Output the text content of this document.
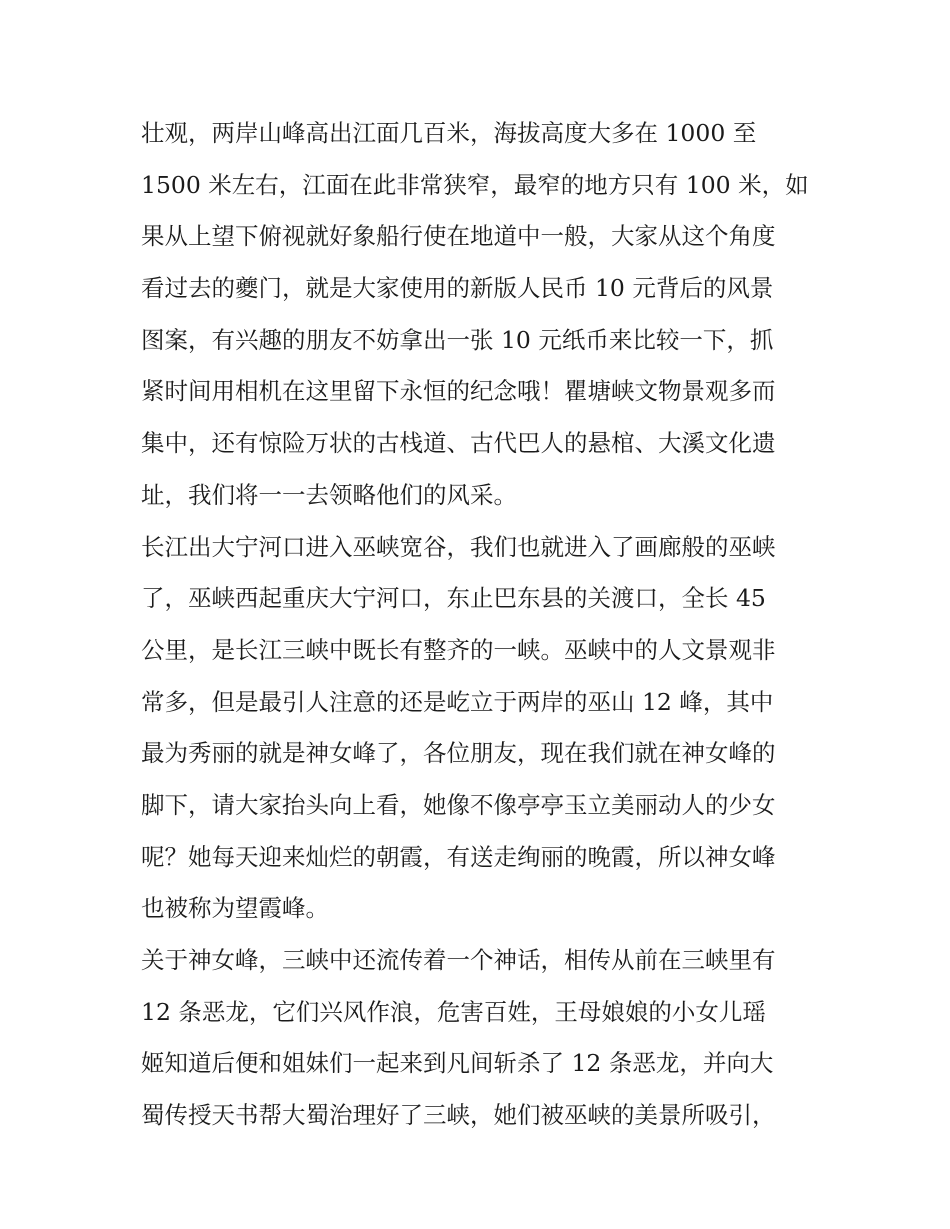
壮观，两岸山峰高出江面几百米，海拔高度大多在 1000 至
1500 米左右，江面在此非常狭窄，最窄的地方只有 100 米，如
果从上望下俯视就好象船行使在地道中一般，大家从这个角度
看过去的夔门，就是大家使用的新版人民币 10 元背后的风景
图案，有兴趣的朋友不妨拿出一张 10 元纸币来比较一下，抓
紧时间用相机在这里留下永恒的纪念哦！瞿塘峡文物景观多而
集中，还有惊险万状的古栈道、古代巴人的悬棺、大溪文化遗
址，我们将一一去领略他们的风采。
长江出大宁河口进入巫峡宽谷，我们也就进入了画廊般的巫峡
了，巫峡西起重庆大宁河口，东止巴东县的关渡口，全长 45
公里，是长江三峡中既长有整齐的一峡。巫峡中的人文景观非
常多，但是最引人注意的还是屹立于两岸的巫山 12 峰，其中
最为秀丽的就是神女峰了，各位朋友，现在我们就在神女峰的
脚下，请大家抬头向上看，她像不像亭亭玉立美丽动人的少女
呢？她每天迎来灿烂的朝霞，有送走绚丽的晚霞，所以神女峰
也被称为望霞峰。
关于神女峰，三峡中还流传着一个神话，相传从前在三峡里有
12 条恶龙，它们兴风作浪，危害百姓，王母娘娘的小女儿瑶
姬知道后便和姐妹们一起来到凡间斩杀了 12 条恶龙，并向大
蜀传授天书帮大蜀治理好了三峡，她们被巫峡的美景所吸引，
